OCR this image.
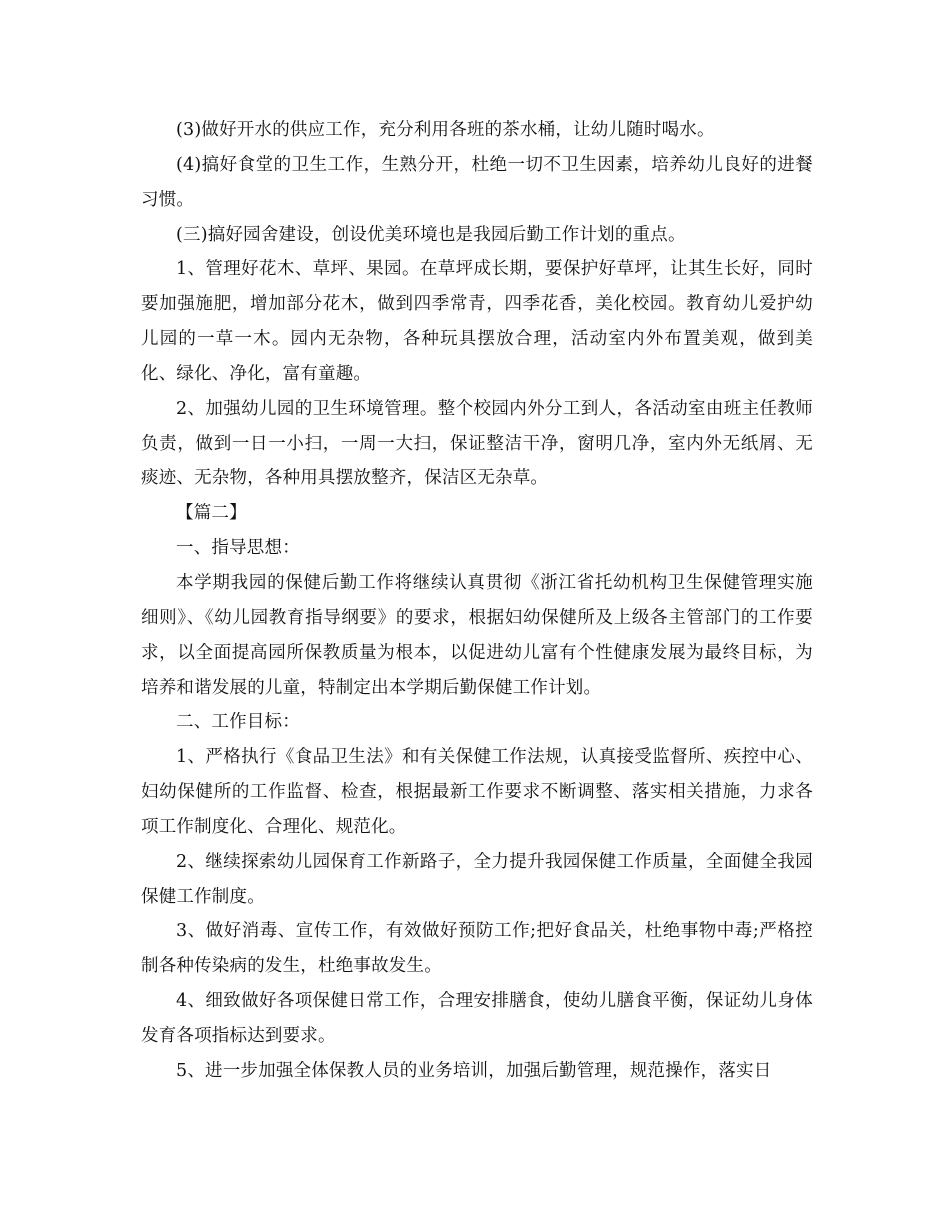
(3)做好开水的供应工作，充分利用各班的茶水桶，让幼儿随时喝水。

(4)搞好食堂的卫生工作，生熟分开，杜绝一切不卫生因素，培养幼儿良好的进餐习惯。

(三)搞好园舍建设，创设优美环境也是我园后勤工作计划的重点。

1、管理好花木、草坪、果园。在草坪成长期，要保护好草坪，让其生长好，同时要加强施肥，增加部分花木，做到四季常青，四季花香，美化校园。教育幼儿爱护幼儿园的一草一木。园内无杂物，各种玩具摆放合理，活动室内外布置美观，做到美化、绿化、净化，富有童趣。

2、加强幼儿园的卫生环境管理。整个校园内外分工到人，各活动室由班主任教师负责，做到一日一小扫，一周一大扫，保证整洁干净，窗明几净，室内外无纸屑、无痰迹、无杂物，各种用具摆放整齐，保洁区无杂草。

【篇二】

一、指导思想：

本学期我园的保健后勤工作将继续认真贯彻《浙江省托幼机构卫生保健管理实施细则》、《幼儿园教育指导纲要》的要求，根据妇幼保健所及上级各主管部门的工作要求，以全面提高园所保教质量为根本，以促进幼儿富有个性健康发展为最终目标，为培养和谐发展的儿童，特制定出本学期后勤保健工作计划。

二、工作目标：

1、严格执行《食品卫生法》和有关保健工作法规，认真接受监督所、疾控中心、妇幼保健所的工作监督、检查，根据最新工作要求不断调整、落实相关措施，力求各项工作制度化、合理化、规范化。

2、继续探索幼儿园保育工作新路子，全力提升我园保健工作质量，全面健全我园保健工作制度。

3、做好消毒、宣传工作，有效做好预防工作;把好食品关，杜绝事物中毒;严格控制各种传染病的发生，杜绝事故发生。

4、细致做好各项保健日常工作，合理安排膳食，使幼儿膳食平衡，保证幼儿身体发育各项指标达到要求。

5、进一步加强全体保教人员的业务培训，加强后勤管理，规范操作，落实日
